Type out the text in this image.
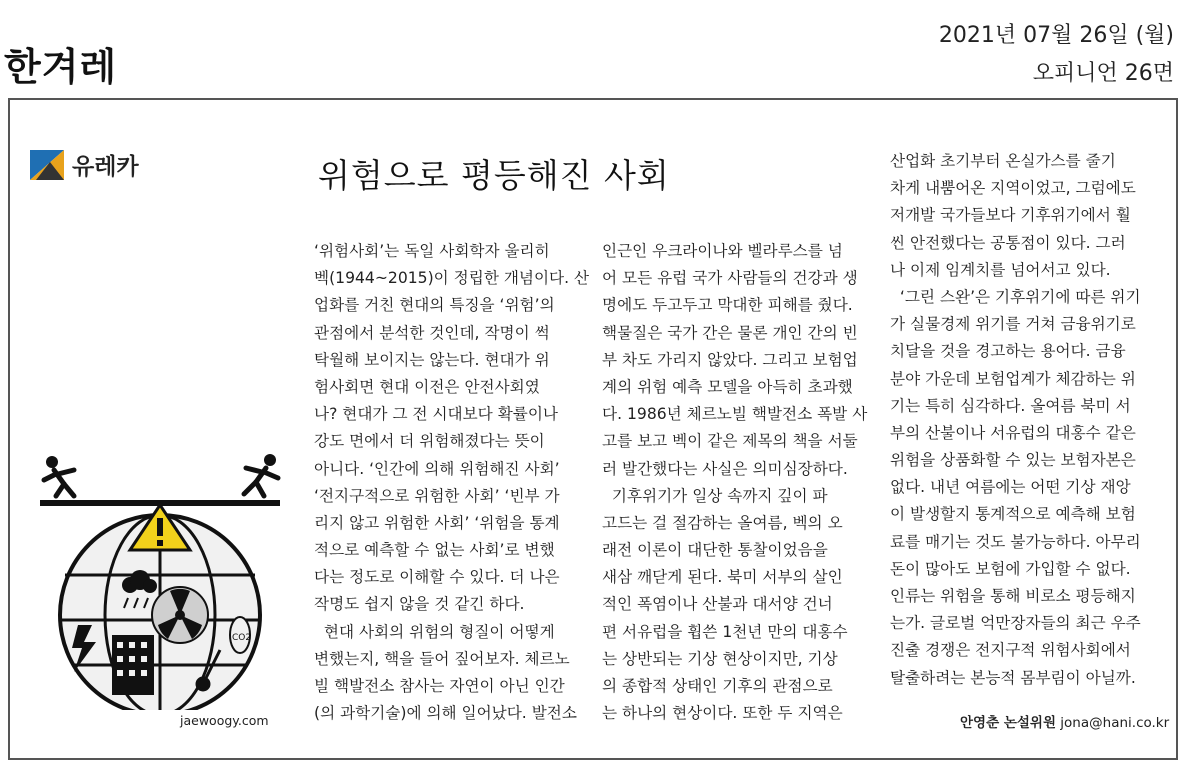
한겨레
2021년 07월 26일 (월)
오피니언 26면
유레카	위험으로 평등해진 사회
‘위험사회’는 독일 사회학자 울리히
벡(1944~2015)이 정립한 개념이다. 산
업화를 거친 현대의 특징을 ‘위험’의
관점에서 분석한 것인데, 작명이 썩
탁월해 보이지는 않는다. 현대가 위
험사회면 현대 이전은 안전사회였
나? 현대가 그 전 시대보다 확률이나
강도 면에서 더 위험해졌다는 뜻이
아니다. ‘인간에 의해 위험해진 사회’
‘전지구적으로 위험한 사회’ ‘빈부 가
리지 않고 위험한 사회’ ‘위험을 통계
적으로 예측할 수 없는 사회’로 변했
다는 정도로 이해할 수 있다. 더 나은
작명도 쉽지 않을 것 같긴 하다.
현대 사회의 위험의 형질이 어떻게
변했는지, 핵을 들어 짚어보자. 체르노
빌 핵발전소 참사는 자연이 아닌 인간
(의 과학기술)에 의해 일어났다. 발전소
인근인 우크라이나와 벨라루스를 넘
어 모든 유럽 국가 사람들의 건강과 생
명에도 두고두고 막대한 피해를 줬다.
핵물질은 국가 간은 물론 개인 간의 빈
부 차도 가리지 않았다. 그리고 보험업
계의 위험 예측 모델을 아득히 초과했
다. 1986년 체르노빌 핵발전소 폭발 사
고를 보고 벡이 같은 제목의 책을 서둘
러 발간했다는 사실은 의미심장하다.
기후위기가 일상 속까지 깊이 파
고드는 걸 절감하는 올여름, 벡의 오
래전 이론이 대단한 통찰이었음을
새삼 깨닫게 된다. 북미 서부의 살인
적인 폭염이나 산불과 대서양 건너
편 서유럽을 휩쓴 1천년 만의 대홍수
는 상반되는 기상 현상이지만, 기상
의 종합적 상태인 기후의 관점으로
는 하나의 현상이다. 또한 두 지역은
산업화 초기부터 온실가스를 줄기
차게 내뿜어온 지역이었고, 그럼에도
저개발 국가들보다 기후위기에서 훨
씬 안전했다는 공통점이 있다. 그러
나 이제 임계치를 넘어서고 있다.
‘그린 스완’은 기후위기에 따른 위기
가 실물경제 위기를 거쳐 금융위기로
치달을 것을 경고하는 용어다. 금융
분야 가운데 보험업계가 체감하는 위
기는 특히 심각하다. 올여름 북미 서
부의 산불이나 서유럽의 대홍수 같은
위험을 상품화할 수 있는 보험자본은
없다. 내년 여름에는 어떤 기상 재앙
이 발생할지 통계적으로 예측해 보험
료를 매기는 것도 불가능하다. 아무리
돈이 많아도 보험에 가입할 수 없다.
인류는 위험을 통해 비로소 평등해지
는가. 글로벌 억만장자들의 최근 우주
진출 경쟁은 전지구적 위험사회에서
탈출하려는 본능적 몸부림이 아닐까.
CO2
jaewoogy.com	안영춘 논설위원 jona@hani.co.kr
